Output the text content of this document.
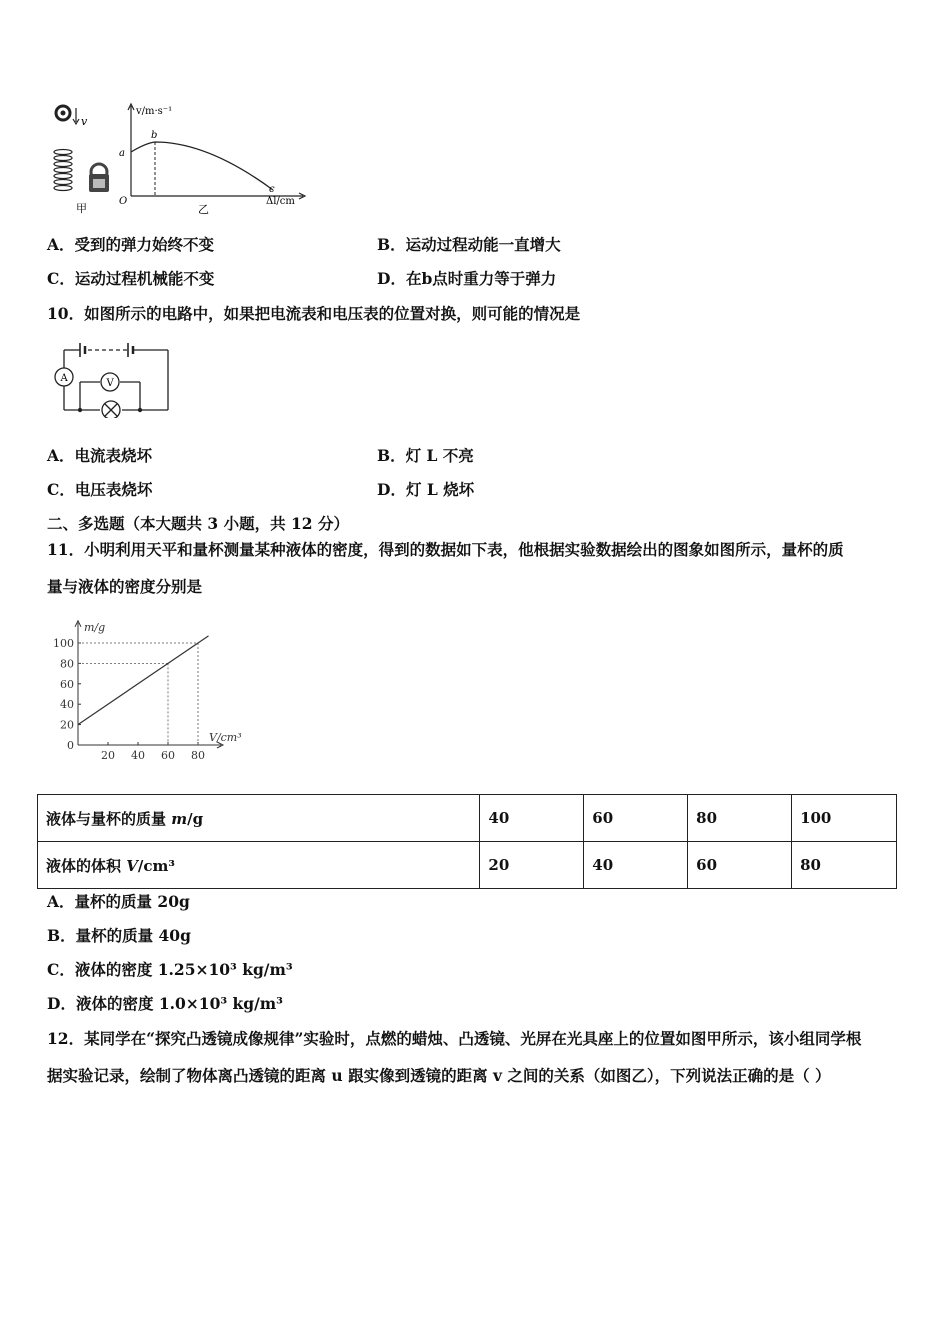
v
甲
v/m·s⁻¹
Δl/cm
O
a
b
c
乙
A．受到的弹力始终不变	B．运动过程动能一直增大
C．运动过程机械能不变	D．在b点时重力等于弹力
10．如图所示的电路中，如果把电流表和电压表的位置对换，则可能的情况是
A	V
A．电流表烧坏	B．灯 L 不亮
C．电压表烧坏	D．灯 L 烧坏
二、多选题（本大题共 3 小题，共 12 分）
11．小明利用天平和量杯测量某种液体的密度，得到的数据如下表，他根据实验数据绘出的图象如图所示，量杯的质
量与液体的密度分别是
0
20
40
60
80
100
20 40 60 80
m/g
V/cm³
液体与量杯的质量 m/g	40	60	80	100
液体的体积 V/cm³	20	40	60	80
A．量杯的质量 20g
B．量杯的质量 40g
C．液体的密度 1.25×10³ kg/m³
D．液体的密度 1.0×10³ kg/m³
12．某同学在“探究凸透镜成像规律”实验时，点燃的蜡烛、凸透镜、光屏在光具座上的位置如图甲所示，该小组同学根
据实验记录，绘制了物体离凸透镜的距离 u 跟实像到透镜的距离 v 之间的关系（如图乙），下列说法正确的是（ ）
